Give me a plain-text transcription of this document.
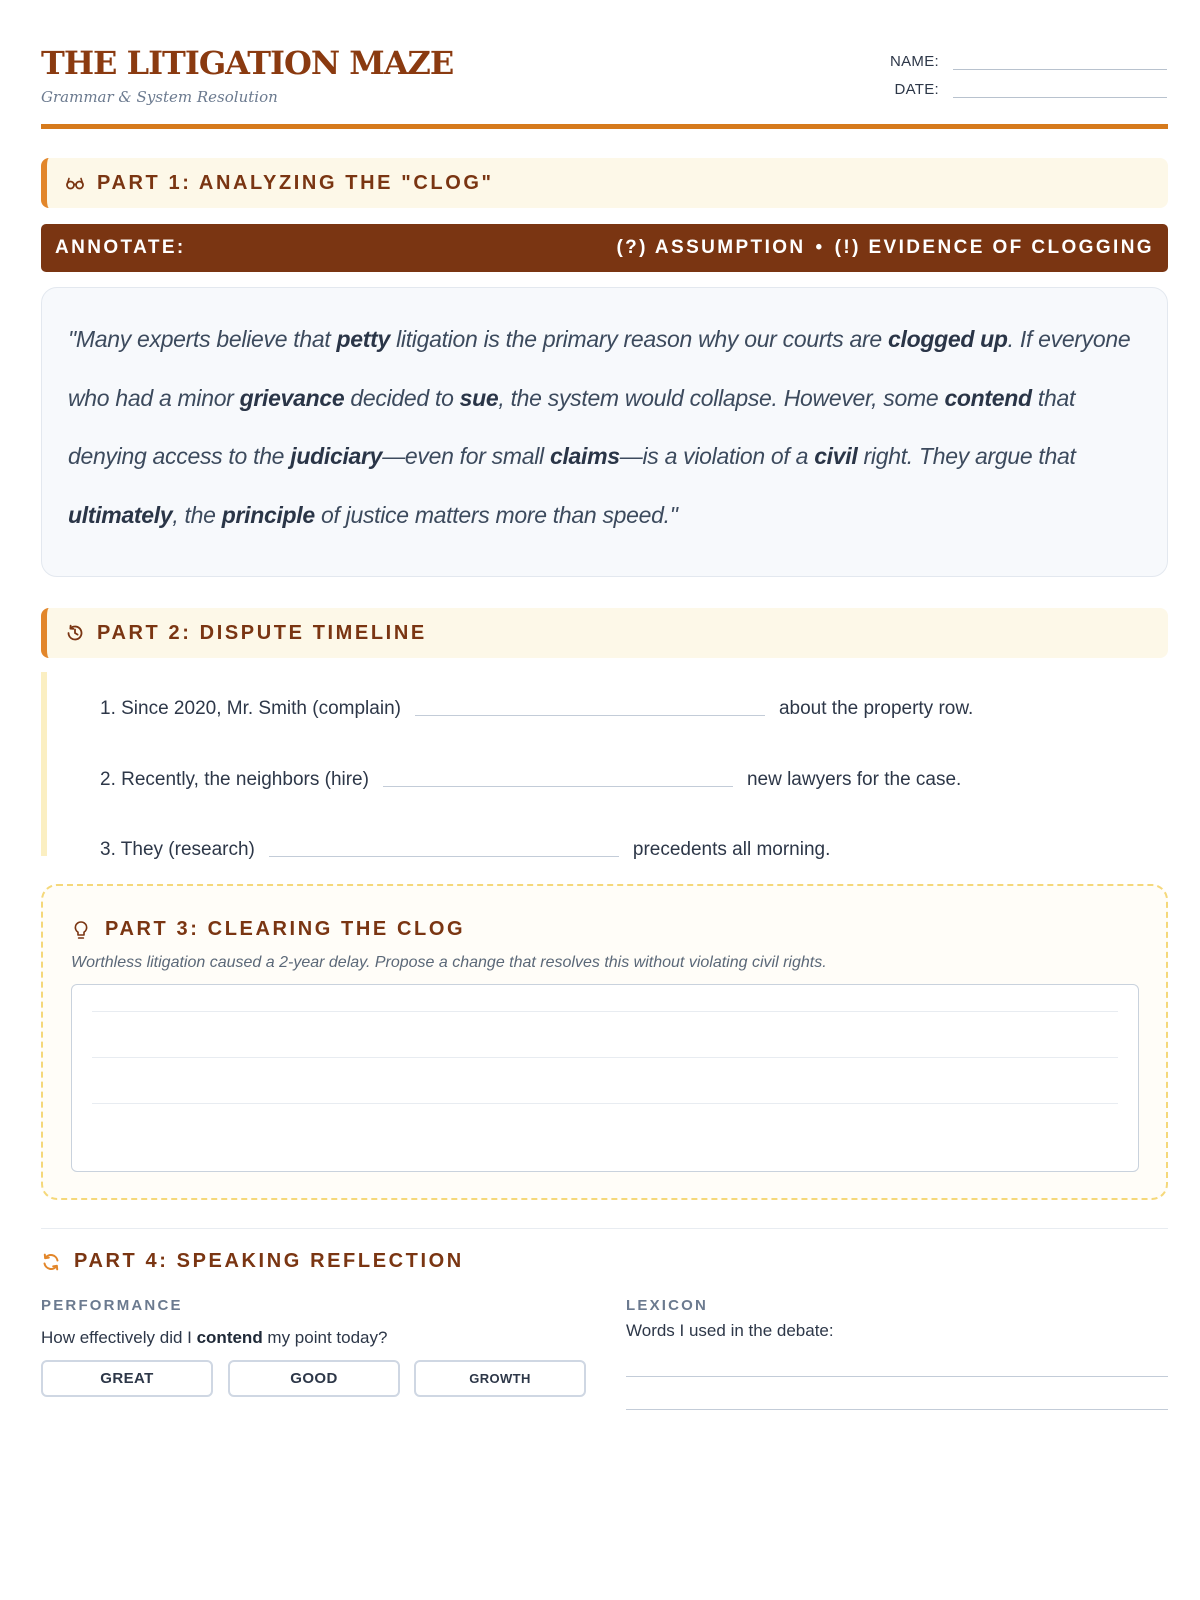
THE LITIGATION MAZE
Grammar & System Resolution
NAME:
DATE:
PART 1: ANALYZING THE "CLOG"
ANNOTATE:	(?) ASSUMPTION • (!) EVIDENCE OF CLOGGING

"Many experts believe that petty litigation is the primary reason why our courts are clogged up. If everyone who had a minor grievance decided to sue, the system would collapse. However, some contend that denying access to the judiciary—even for small claims—is a violation of a civil right. They argue that ultimately, the principle of justice matters more than speed."

PART 2: DISPUTE TIMELINE
1. Since 2020, Mr. Smith (complain)	about the property row.
2. Recently, the neighbors (hire)	new lawyers for the case.
3. They (research)	precedents all morning.
PART 3: CLEARING THE CLOG
Worthless litigation caused a 2-year delay. Propose a change that resolves this without violating civil rights.
PART 4: SPEAKING REFLECTION
PERFORMANCE
How effectively did I contend my point today?
GREAT	GOOD	GROWTH
LEXICON
Words I used in the debate:
